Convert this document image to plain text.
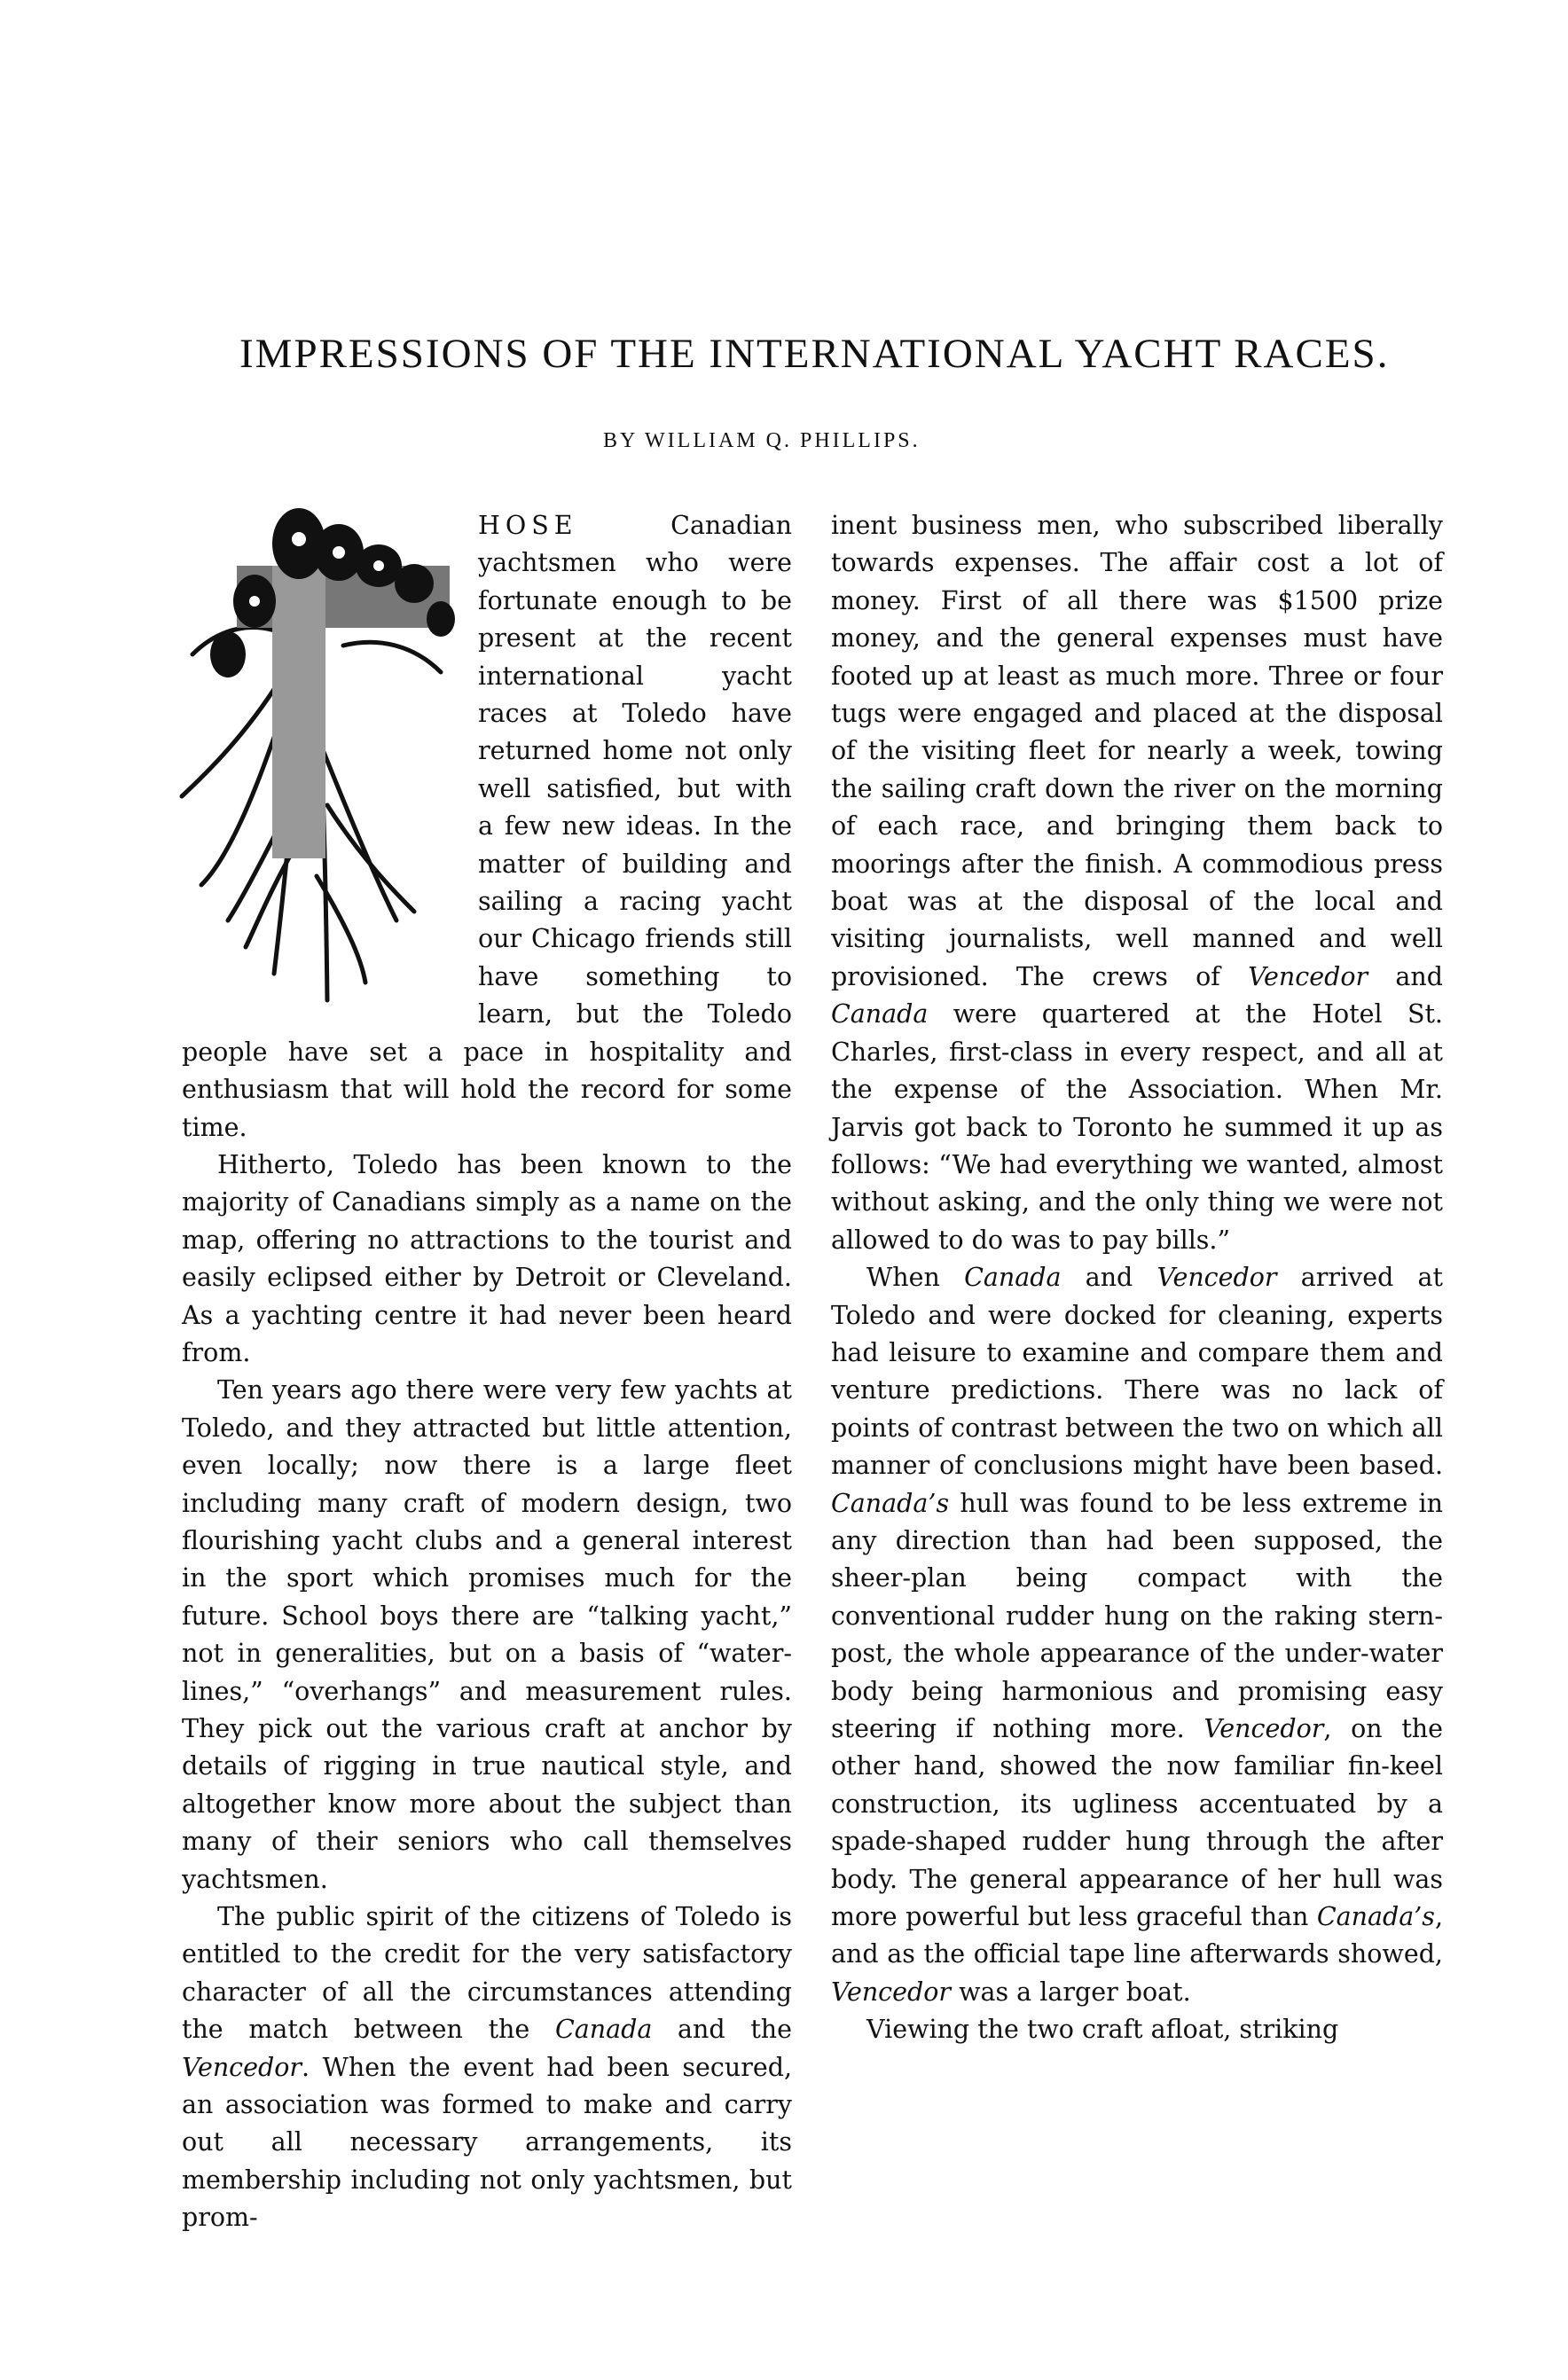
IMPRESSIONS OF THE INTERNATIONAL YACHT RACES.
BY WILLIAM Q. PHILLIPS.

HOSE Canadian yachtsmen who were fortunate enough to be present at the recent international yacht races at Toledo have returned home not only well satisfied, but with a few new ideas. In the matter of building and sailing a racing yacht our Chicago friends still have something to learn, but the Toledo people have set a pace in hospitality and enthusiasm that will hold the record for some time.

Hitherto, Toledo has been known to the majority of Canadians simply as a name on the map, offering no attractions to the tourist and easily eclipsed either by Detroit or Cleveland. As a yachting centre it had never been heard from.

Ten years ago there were very few yachts at Toledo, and they attracted but little attention, even locally; now there is a large fleet including many craft of modern design, two flourishing yacht clubs and a general interest in the sport which promises much for the future. School boys there are “talking yacht,” not in generalities, but on a basis of “water-lines,” “overhangs” and measurement rules. They pick out the various craft at anchor by details of rigging in true nautical style, and altogether know more about the subject than many of their seniors who call themselves yachtsmen.

The public spirit of the citizens of Toledo is entitled to the credit for the very satisfactory character of all the circumstances attending the match between the Canada and the Vencedor. When the event had been secured, an association was formed to make and carry out all necessary arrangements, its membership including not only yachtsmen, but prom-

inent business men, who subscribed liberally towards expenses. The affair cost a lot of money. First of all there was $1500 prize money, and the general expenses must have footed up at least as much more. Three or four tugs were engaged and placed at the disposal of the visiting fleet for nearly a week, towing the sailing craft down the river on the morning of each race, and bringing them back to moorings after the finish. A commodious press boat was at the disposal of the local and visiting journalists, well manned and well provisioned. The crews of Vencedor and Canada were quartered at the Hotel St. Charles, first-class in every respect, and all at the expense of the Association. When Mr. Jarvis got back to Toronto he summed it up as follows: “We had everything we wanted, almost without asking, and the only thing we were not allowed to do was to pay bills.”

When Canada and Vencedor arrived at Toledo and were docked for cleaning, experts had leisure to examine and compare them and venture predictions. There was no lack of points of contrast between the two on which all manner of conclusions might have been based. Canada’s hull was found to be less extreme in any direction than had been supposed, the sheer-plan being compact with the conventional rudder hung on the raking stern-post, the whole appearance of the under-water body being harmonious and promising easy steering if nothing more. Vencedor, on the other hand, showed the now familiar fin-keel construction, its ugliness accentuated by a spade-shaped rudder hung through the after body. The general appearance of her hull was more powerful but less graceful than Canada’s, and as the official tape line afterwards showed, Vencedor was a larger boat.

Viewing the two craft afloat, striking
